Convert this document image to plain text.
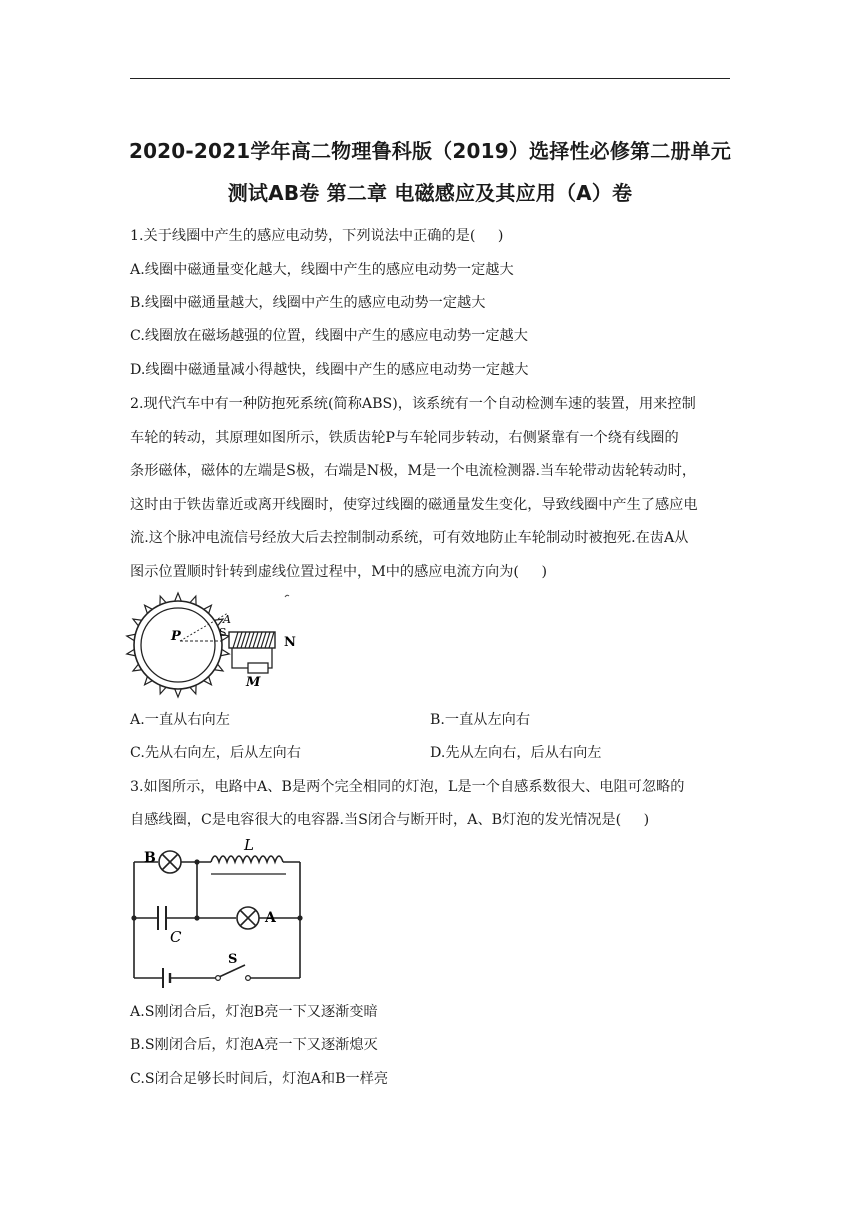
2020-2021学年高二物理鲁科版（2019）选择性必修第二册单元
测试AB卷 第二章 电磁感应及其应用（A）卷
1.关于线圈中产生的感应电动势，下列说法中正确的是(     )
A.线圈中磁通量变化越大，线圈中产生的感应电动势一定越大
B.线圈中磁通量越大，线圈中产生的感应电动势一定越大
C.线圈放在磁场越强的位置，线圈中产生的感应电动势一定越大
D.线圈中磁通量减小得越快，线圈中产生的感应电动势一定越大
2.现代汽车中有一种防抱死系统(简称ABS)，该系统有一个自动检测车速的装置，用来控制
车轮的转动，其原理如图所示，铁质齿轮P与车轮同步转动，右侧紧靠有一个绕有线圈的
条形磁体，磁体的左端是S极，右端是N极，M是一个电流检测器.当车轮带动齿轮转动时，
这时由于铁齿靠近或离开线圈时，使穿过线圈的磁通量发生变化，导致线圈中产生了感应电
流.这个脉冲电流信号经放大后去控制制动系统，可有效地防止车轮制动时被抱死.在齿A从
图示位置顺时针转到虚线位置过程中，M中的感应电流方向为(     )
P
A
S
N
M
B
L
C
A
S
A.一直从右向左	B.一直从左向右
C.先从右向左，后从左向右	D.先从左向右，后从右向左
3.如图所示，电路中A、B是两个完全相同的灯泡，L是一个自感系数很大、电阻可忽略的
自感线圈，C是电容很大的电容器.当S闭合与断开时，A、B灯泡的发光情况是(     )
A.S刚闭合后，灯泡B亮一下又逐渐变暗
B.S刚闭合后，灯泡A亮一下又逐渐熄灭
C.S闭合足够长时间后，灯泡A和B一样亮
